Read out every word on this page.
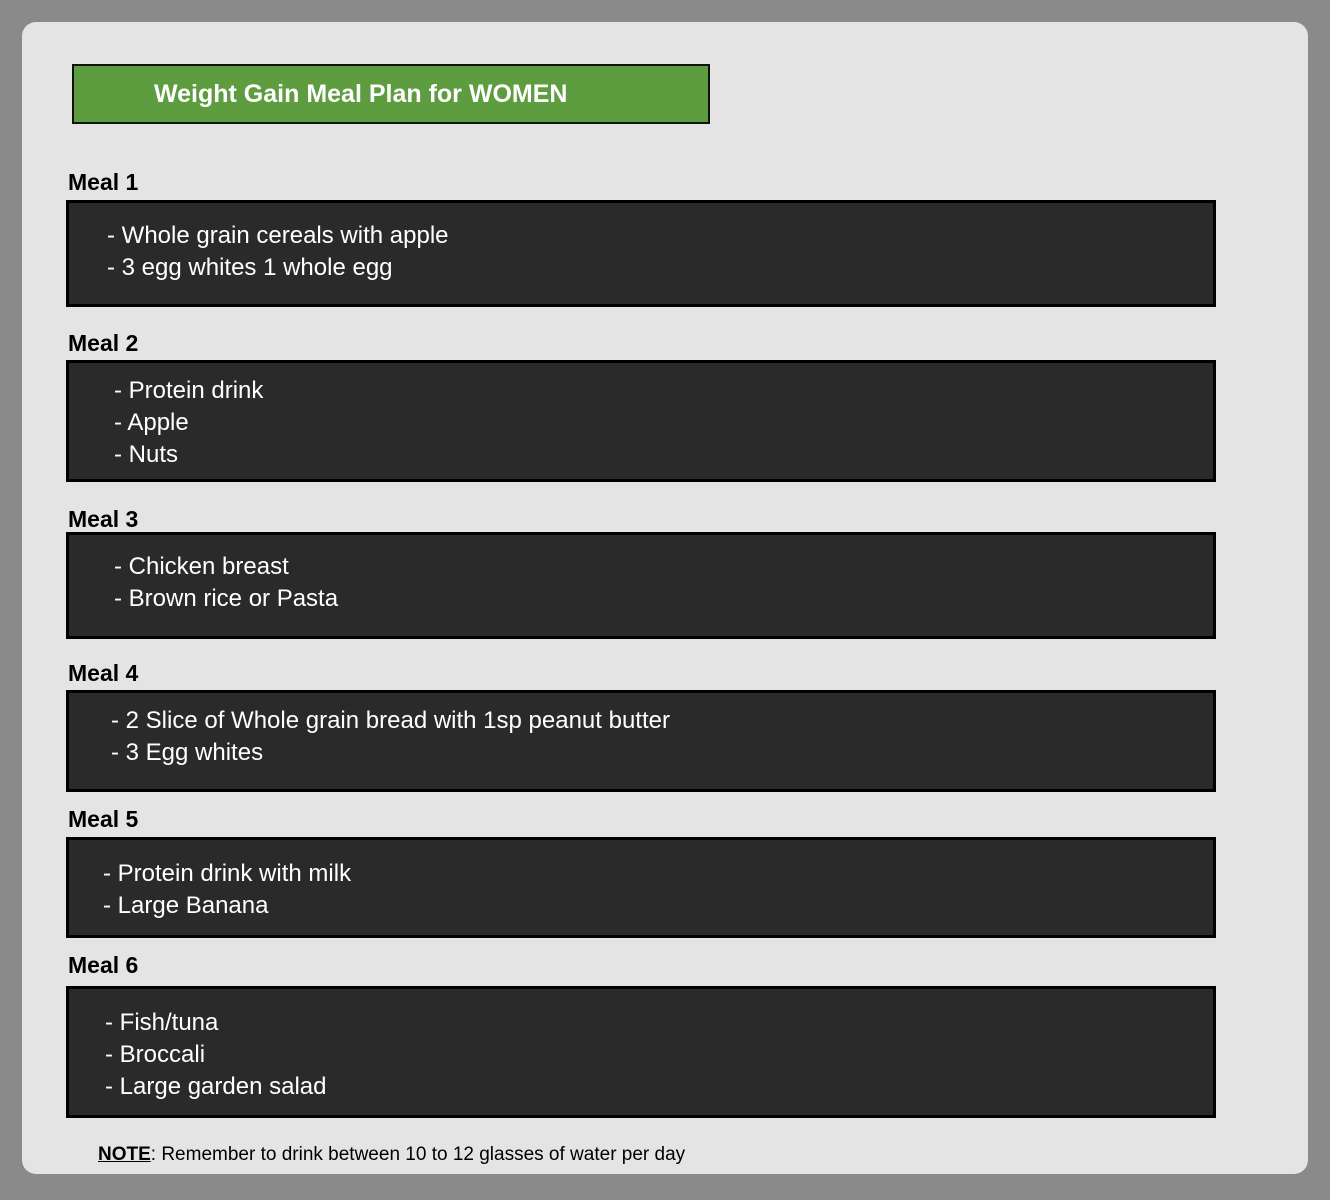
Weight Gain Meal Plan for WOMEN
Meal 1
- Whole grain cereals with apple
- 3 egg whites 1 whole egg
Meal 2
- Protein drink
- Apple
- Nuts
Meal 3
- Chicken breast
- Brown rice or Pasta
Meal 4
- 2 Slice of Whole grain bread with 1sp peanut butter
- 3 Egg whites
Meal 5
- Protein drink with milk
- Large Banana
Meal 6
- Fish/tuna
- Broccali
- Large garden salad
NOTE: Remember to drink between 10 to 12 glasses of water per day
